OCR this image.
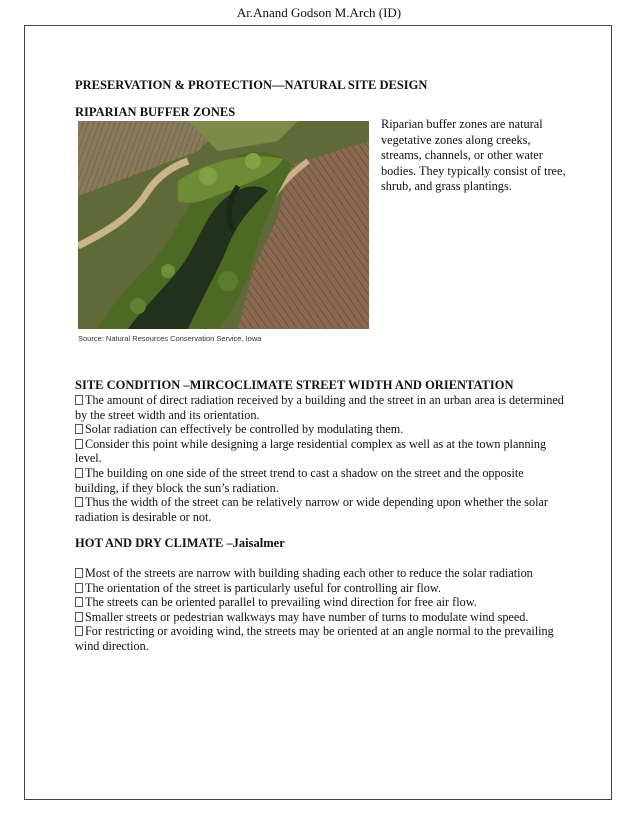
Ar.Anand Godson M.Arch (ID)
PRESERVATION & PROTECTION—NATURAL SITE DESIGN
RIPARIAN BUFFER ZONES
Source: Natural Resources Conservation Service, Iowa
Riparian buffer zones are natural vegetative zones along creeks, streams, channels, or other water bodies. They typically consist of tree, shrub, and grass plantings.
SITE CONDITION –MIRCOCLIMATE STREET WIDTH AND ORIENTATION
The amount of direct radiation received by a building and the street in an urban area is determined by the street width and its orientation.
Solar radiation can effectively be controlled by modulating them.
Consider this point while designing a large residential complex as well as at the town planning level.
The building on one side of the street trend to cast a shadow on the street and the opposite building, if they block the sun’s radiation.
Thus the width of the street can be relatively narrow or wide depending upon whether the solar radiation is desirable or not.
HOT AND DRY CLIMATE –Jaisalmer
Most of the streets are narrow with building shading each other to reduce the solar radiation
The orientation of the street is particularly useful for controlling air flow.
The streets can be oriented parallel to prevailing wind direction for free air flow.
Smaller streets or pedestrian walkways may have number of turns to modulate wind speed.
For restricting or avoiding wind, the streets may be oriented at an angle normal to the prevailing wind direction.
